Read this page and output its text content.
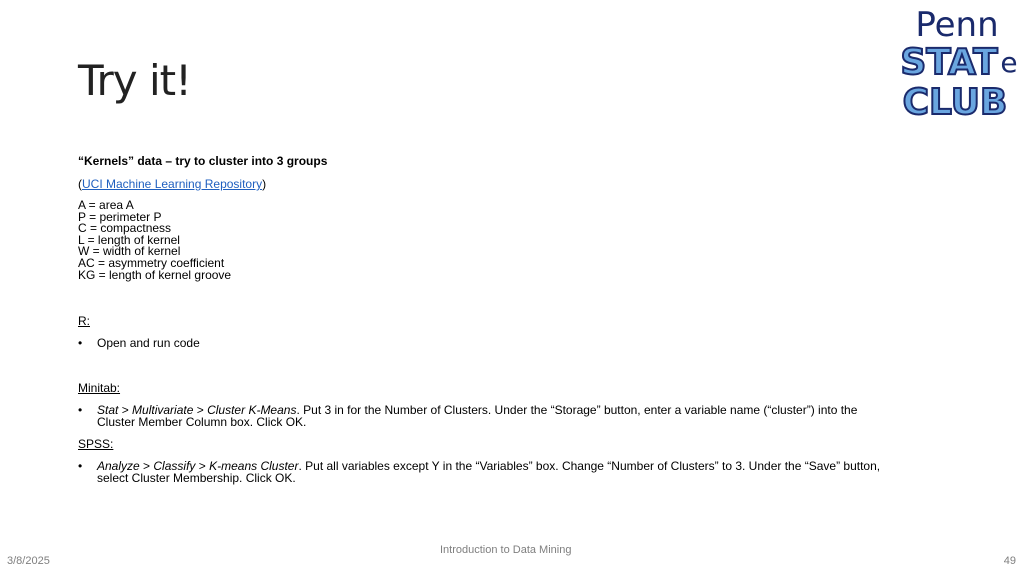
Try it!
Penn
STAT e
CLUB
“Kernels” data – try to cluster into 3 groups
(UCI Machine Learning Repository)
A = area A
P = perimeter P
C = compactness
L = length of kernel
W = width of kernel
AC = asymmetry coefficient
KG = length of kernel groove
R:
• Open and run code
Minitab:
• Stat > Multivariate > Cluster K-Means. Put 3 in for the Number of Clusters. Under the “Storage” button, enter a variable name (“cluster”) into the
Cluster Member Column box. Click OK.
SPSS:
• Analyze > Classify > K-means Cluster. Put all variables except Y in the “Variables” box. Change “Number of Clusters” to 3. Under the “Save” button,
select Cluster Membership. Click OK.
3/8/2025
Introduction to Data Mining
49
